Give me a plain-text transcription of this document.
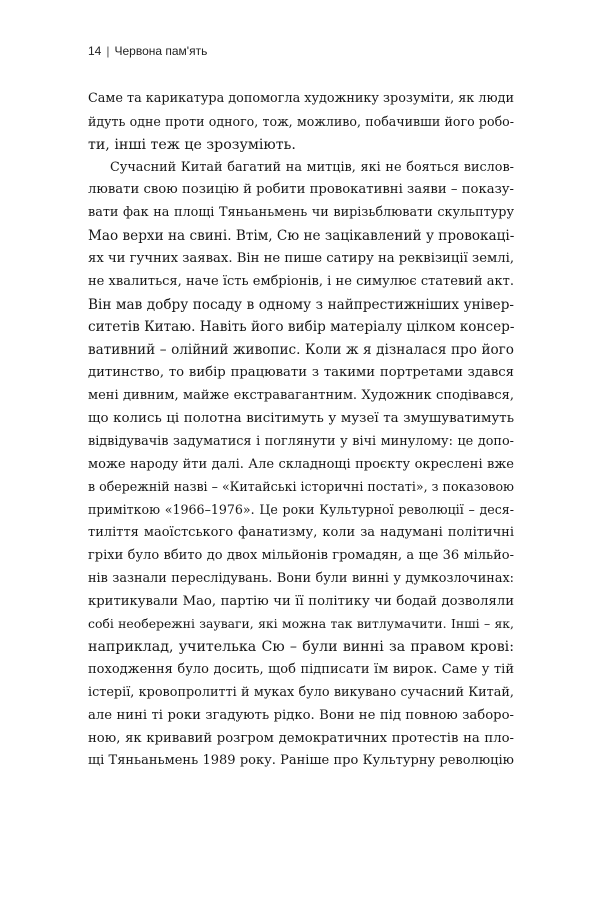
14 | Червона пам'ять
Саме та карикатура допомогла художнику зрозуміти, як люди
йдуть одне проти одного, тож, можливо, побачивши його робо-
ти, інші теж це зрозуміють.
Сучасний Китай багатий на митців, які не бояться вислов-
лювати свою позицію й робити провокативні заяви – показу-
вати фак на площі Тяньаньмень чи вирізьблювати скульптуру
Мао верхи на свині. Втім, Сю не зацікавлений у провокаці-
ях чи гучних заявах. Він не пише сатиру на реквізиції землі,
не хвалиться, наче їсть ембріонів, і не симулює статевий акт.
Він мав добру посаду в одному з найпрестижніших універ-
ситетів Китаю. Навіть його вибір матеріалу цілком консер-
вативний – олійний живопис. Коли ж я дізналася про його
дитинство, то вибір працювати з такими портретами здався
мені дивним, майже екстравагантним. Художник сподівався,
що колись ці полотна висітимуть у музеї та змушуватимуть
відвідувачів задуматися і поглянути у вічі минулому: це допо-
може народу йти далі. Але складнощі проєкту окреслені вже
в обережній назві – «Китайські історичні постаті», з показовою
приміткою «1966–1976». Це роки Культурної революції – деся-
тиліття маоїстського фанатизму, коли за надумані політичні
гріхи було вбито до двох мільйонів громадян, а ще 36 мільйо-
нів зазнали переслідувань. Вони були винні у думкозлочинах:
критикували Мао, партію чи її політику чи бодай дозволяли
собі необережні зауваги, які можна так витлумачити. Інші – як,
наприклад, учителька Сю – були винні за правом крові:
походження було досить, щоб підписати їм вирок. Саме у тій
істерії, кровопролитті й муках було викувано сучасний Китай,
але нині ті роки згадують рідко. Вони не під повною заборо-
ною, як кривавий розгром демократичних протестів на пло-
щі Тяньаньмень 1989 року. Раніше про Культурну революцію
